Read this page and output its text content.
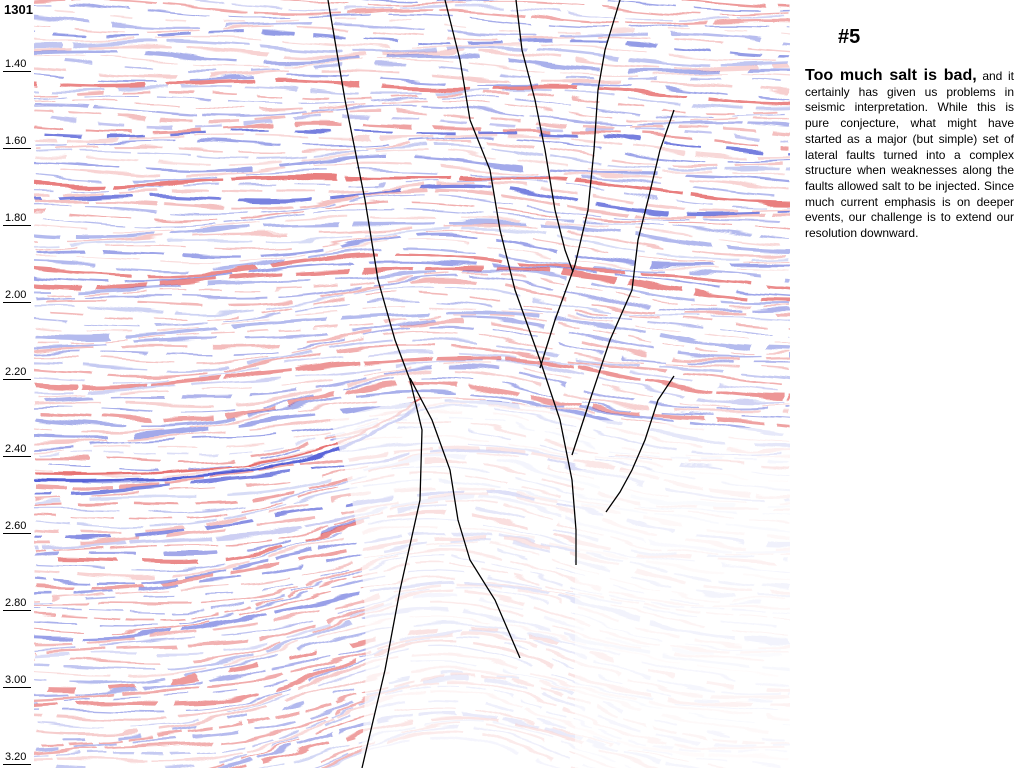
1301
1.40
1.60
1.80
2.00
2.20
2.40
2.60
2.80
3.00
3.20
#5
Too much salt is bad, and it certainly has given us problems in seismic interpretation. While this is pure conjecture, what might have started as a major (but simple) set of lateral faults turned into a complex structure when weaknesses along the faults allowed salt to be injected. Since much current emphasis is on deeper events, our challenge is to extend our resolution downward.
